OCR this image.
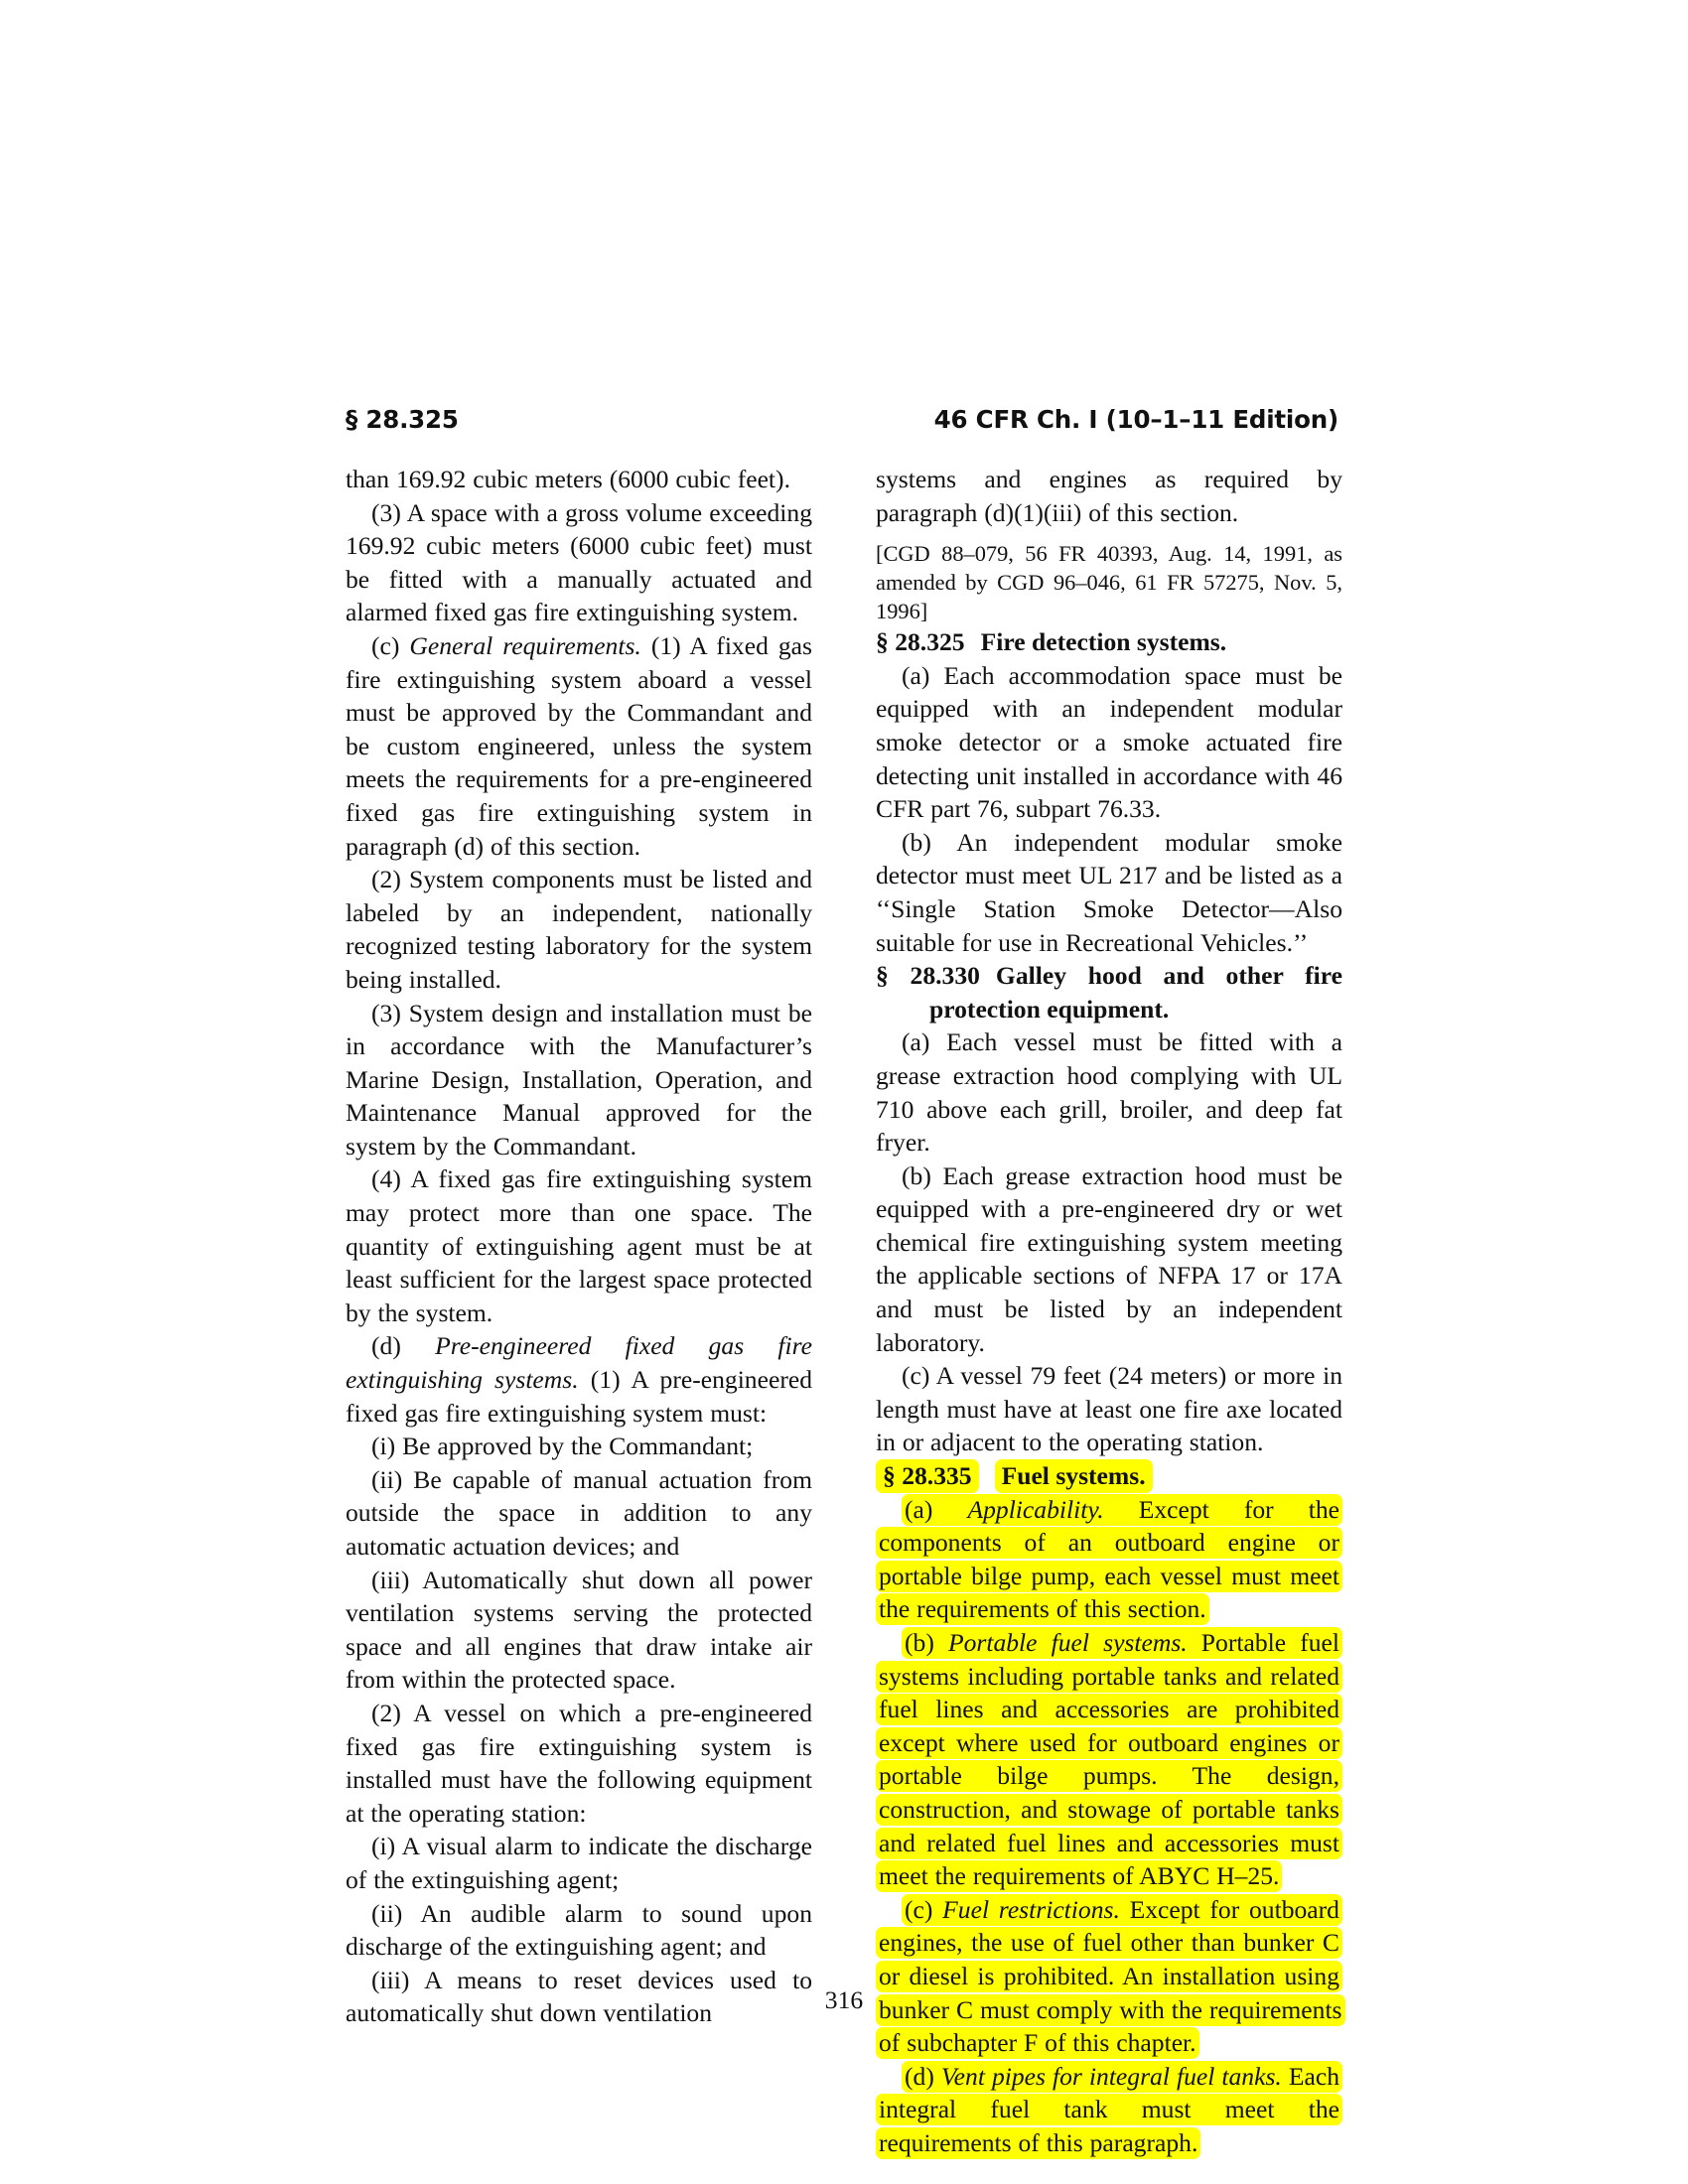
§ 28.325	46 CFR Ch. I (10–1–11 Edition)

than 169.92 cubic meters (6000 cubic feet).

(3) A space with a gross volume exceeding 169.92 cubic meters (6000 cubic feet) must be fitted with a manually actuated and alarmed fixed gas fire extinguishing system.

(c) General requirements. (1) A fixed gas fire extinguishing system aboard a vessel must be approved by the Commandant and be custom engineered, unless the system meets the requirements for a pre-engineered fixed gas fire extinguishing system in paragraph (d) of this section.

(2) System components must be listed and labeled by an independent, nationally recognized testing laboratory for the system being installed.

(3) System design and installation must be in accordance with the Manufacturer’s Marine Design, Installation, Operation, and Maintenance Manual approved for the system by the Commandant.

(4) A fixed gas fire extinguishing system may protect more than one space. The quantity of extinguishing agent must be at least sufficient for the largest space protected by the system.

(d) Pre-engineered fixed gas fire extinguishing systems. (1) A pre-engineered fixed gas fire extinguishing system must:

(i) Be approved by the Commandant;

(ii) Be capable of manual actuation from outside the space in addition to any automatic actuation devices; and

(iii) Automatically shut down all power ventilation systems serving the protected space and all engines that draw intake air from within the protected space.

(2) A vessel on which a pre-engineered fixed gas fire extinguishing system is installed must have the following equipment at the operating station:

(i) A visual alarm to indicate the discharge of the extinguishing agent;

(ii) An audible alarm to sound upon discharge of the extinguishing agent; and

(iii) A means to reset devices used to automatically shut down ventilation

systems and engines as required by paragraph (d)(1)(iii) of this section.

[CGD 88–079, 56 FR 40393, Aug. 14, 1991, as amended by CGD 96–046, 61 FR 57275, Nov. 5, 1996]

§ 28.325 Fire detection systems.

(a) Each accommodation space must be equipped with an independent modular smoke detector or a smoke actuated fire detecting unit installed in accordance with 46 CFR part 76, subpart 76.33.

(b) An independent modular smoke detector must meet UL 217 and be listed as a ‘‘Single Station Smoke Detector—Also suitable for use in Recreational Vehicles.’’

§ 28.330 Galley hood and other fire protection equipment.

(a) Each vessel must be fitted with a grease extraction hood complying with UL 710 above each grill, broiler, and deep fat fryer.

(b) Each grease extraction hood must be equipped with a pre-engineered dry or wet chemical fire extinguishing system meeting the applicable sections of NFPA 17 or 17A and must be listed by an independent laboratory.

(c) A vessel 79 feet (24 meters) or more in length must have at least one fire axe located in or adjacent to the operating station.

§ 28.335 Fuel systems.

(a) Applicability. Except for the components of an outboard engine or portable bilge pump, each vessel must meet the requirements of this section.

(b) Portable fuel systems. Portable fuel systems including portable tanks and related fuel lines and accessories are prohibited except where used for outboard engines or portable bilge pumps. The design, construction, and stowage of portable tanks and related fuel lines and accessories must meet the requirements of ABYC H–25.

(c) Fuel restrictions. Except for outboard engines, the use of fuel other than bunker C or diesel is prohibited. An installation using bunker C must comply with the requirements of subchapter F of this chapter.

(d) Vent pipes for integral fuel tanks. Each integral fuel tank must meet the requirements of this paragraph.

316
